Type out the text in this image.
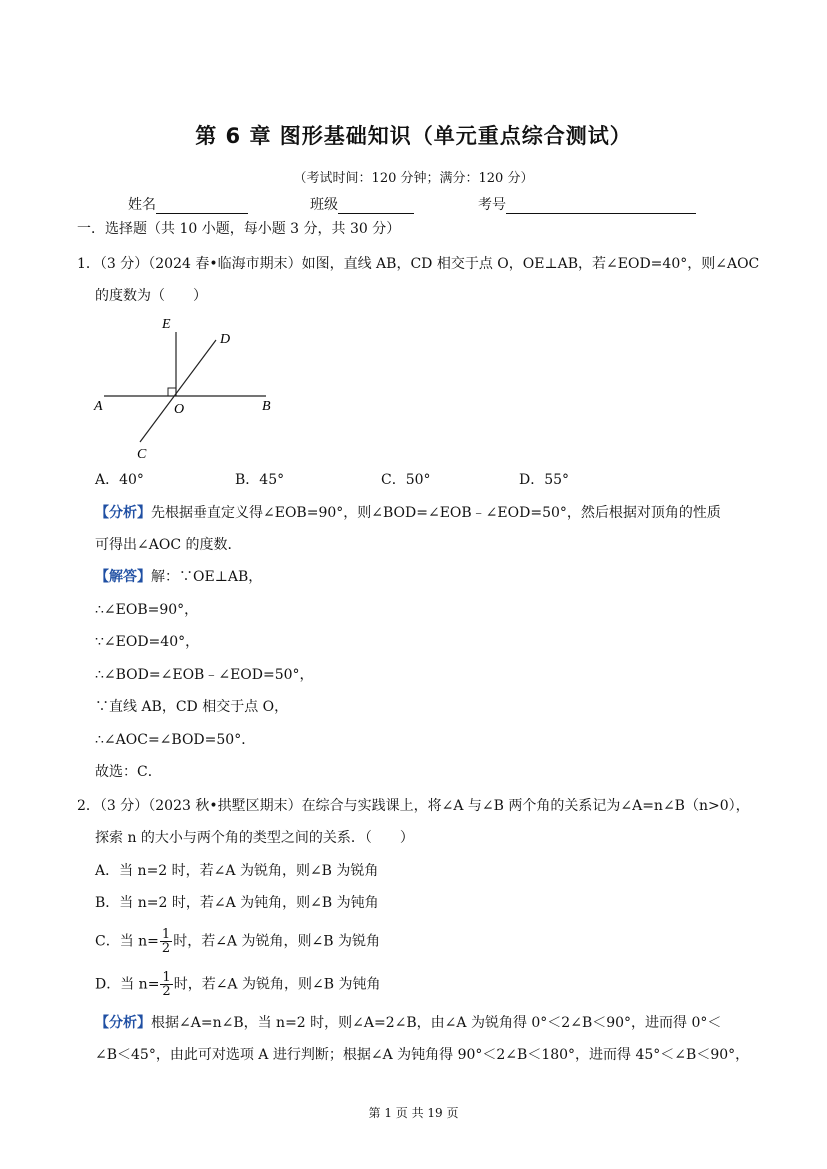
第 6 章 图形基础知识（单元重点综合测试）
（考试时间：120 分钟；满分：120 分）
姓名	班级	考号
一．选择题（共 10 小题，每小题 3 分，共 30 分）
1．（3 分）（2024 春•临海市期末）如图，直线 AB，CD 相交于点 O，OE⊥AB，若∠EOD=40°，则∠AOC
的度数为（　　）
E
D
A	O	B
C
A．40°	B．45°	C．50°	D．55°
【分析】先根据垂直定义得∠EOB=90°，则∠BOD=∠EOB﹣∠EOD=50°，然后根据对顶角的性质
可得出∠AOC 的度数．
【解答】解：∵OE⊥AB，
∴∠EOB=90°，
∵∠EOD=40°，
∴∠BOD=∠EOB﹣∠EOD=50°，
∵直线 AB，CD 相交于点 O，
∴∠AOC=∠BOD=50°．
故选：C．
2．（3 分）（2023 秋•拱墅区期末）在综合与实践课上，将∠A 与∠B 两个角的关系记为∠A=n∠B（n>0），
探索 n 的大小与两个角的类型之间的关系．（　　）
A．当 n=2 时，若∠A 为锐角，则∠B 为锐角
B．当 n=2 时，若∠A 为钝角，则∠B 为钝角
C．当 $n= \frac{1}{2}$ 时，若∠A 为锐角，则∠B 为锐角
D．当 $n= \frac{1}{2}$ 时，若∠A 为锐角，则∠B 为钝角
【分析】根据∠A=n∠B，当 n=2 时，则∠A=2∠B，由∠A 为锐角得 0°＜2∠B＜90°，进而得 0°＜
∠B＜45°，由此可对选项 A 进行判断；根据∠A 为钝角得 90°＜2∠B＜180°，进而得 45°＜∠B＜90°，
第 1 页 共 19 页
